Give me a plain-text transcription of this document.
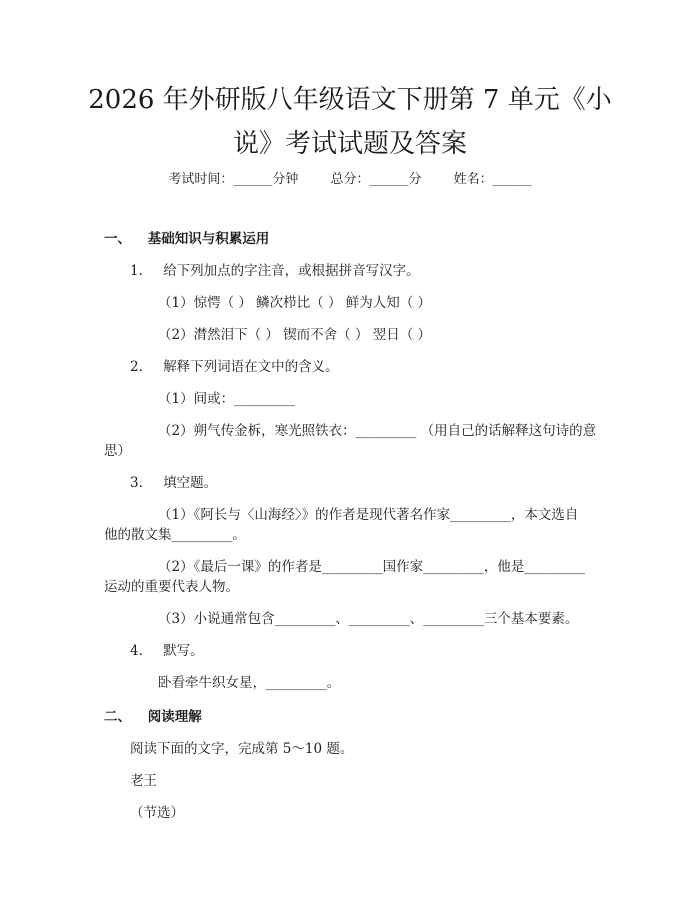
2026 年外研版八年级语文下册第 7 单元《小
说》考试试题及答案
考试时间：______分钟 总分：______分 姓名：______
一、 基础知识与积累运用
1. 给下列加点的字注音，或根据拼音写汉字。
（1）惊愕（ ） 鳞次栉比（ ） 鲜为人知（ ）
（2）潸然泪下（ ） 锲而不舍（ ） 翌日（ ）
2. 解释下列词语在文中的含义。
（1）间或：_________
（2）朔气传金柝，寒光照铁衣：_________ （用自己的话解释这句诗的意
思）
3. 填空题。
（1）《阿长与〈山海经〉》的作者是现代著名作家_________，本文选自
他的散文集_________。
（2）《最后一课》的作者是_________国作家_________，他是_________
运动的重要代表人物。
（3）小说通常包含_________、_________、_________三个基本要素。
4. 默写。
卧看牵牛织女星，_________。
二、 阅读理解
阅读下面的文字，完成第 5～10 题。
老王
（节选）
